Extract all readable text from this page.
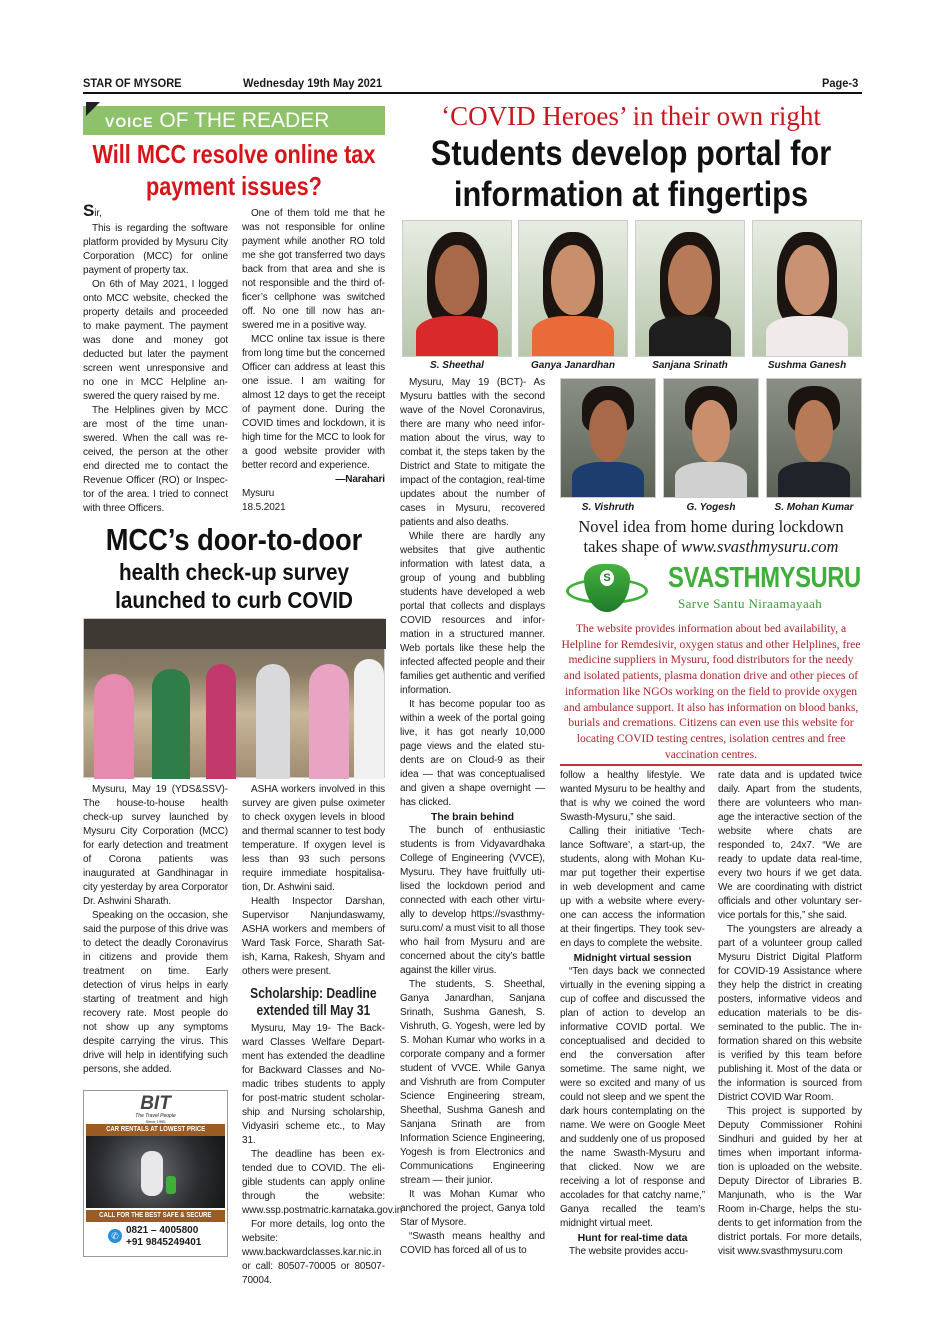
STAR OF MYSORE	Wednesday 19th May 2021	Page-3
VOICE OF THE READER
Will MCC resolve online tax payment issues?
Sir,

This is regarding the software platform provided by Mysuru City Corporation (MCC) for online payment of property tax.

On 6th of May 2021, I logged onto MCC website, checked the property details and proceeded to make payment. The payment was done and money got deducted but later the payment screen went unresponsive and no one in MCC Helpline answered the query raised by me.

The Helplines given by MCC are most of the time unanswered. When the call was received, the person at the other end directed me to contact the Revenue Officer (RO) or Inspector of the area. I tried to connect with three Officers.

One of them told me that he was not responsible for online payment while another RO told me she got transferred two days back from that area and she is not responsible and the third officer’s cellphone was switched off. No one till now has answered me in a positive way.

MCC online tax issue is there from long time but the concerned Officer can address at least this one issue. I am waiting for almost 12 days to get the receipt of payment done. During the COVID times and lockdown, it is high time for the MCC to look for a good website provider with better record and experience.

—Narahari
Mysuru
18.5.2021
MCC’s door-to-door
health check-up survey
launched to curb COVID

Mysuru, May 19 (YDS&SSV)- The house-to-house health check-up survey launched by Mysuru City Corporation (MCC) for early detection and treatment of Corona patients was inaugurated at Gandhinagar in city yesterday by area Corporator Dr. Ashwini Sharath.

Speaking on the occasion, she said the purpose of this drive was to detect the deadly Coronavirus in citizens and provide them treatment on time. Early detection of virus helps in early starting of treatment and high recovery rate. Most people do not show up any symptoms despite carrying the virus. This drive will help in identifying such persons, she added.

ASHA workers involved in this survey are given pulse oximeter to check oxygen levels in blood and thermal scanner to test body temperature. If oxygen level is less than 93 such persons require immediate hospitalisation, Dr. Ashwini said.

Health Inspector Darshan, Supervisor Nanjundaswamy, ASHA workers and members of Ward Task Force, Sharath Satish, Karna, Rakesh, Shyam and others were present.

Scholarship: Deadline extended till May 31

Mysuru, May 19- The Backward Classes Welfare Department has extended the deadline for Backward Classes and Nomadic tribes students to apply for post-matric student scholarship and Nursing scholarship, Vidyasiri scheme etc., to May 31.

The deadline has been extended due to COVID. The eligible students can apply online through the website: www.ssp.postmatric.karnataka.gov.in

For more details, log onto the website: www.backwardclasses.kar.nic.in or call: 80507-70005 or 80507-70004.

BIT
The Travel People
Since 1995
CAR RENTALS AT LOWEST PRICE
CALL FOR THE BEST SAFE & SECURE
✆ 0821 – 4005800
+91 9845249401
‘COVID Heroes’ in their own right
Students develop portal for
information at fingertips
S. Sheethal	Ganya Janardhan	Sanjana Srinath	Sushma Ganesh
S. Vishruth	G. Yogesh	S. Mohan Kumar

Mysuru, May 19 (BCT)- As Mysuru battles with the second wave of the Novel Coronavirus, there are many who need information about the virus, way to combat it, the steps taken by the District and State to mitigate the impact of the contagion, real-time updates about the number of cases in Mysuru, recovered patients and also deaths.

While there are hardly any websites that give authentic information with latest data, a group of young and bubbling students have developed a web portal that collects and displays COVID resources and information in a structured manner. Web portals like these help the infected affected people and their families get authentic and verified information.

It has become popular too as within a week of the portal going live, it has got nearly 10,000 page views and the elated students are on Cloud-9 as their idea — that was conceptualised and given a shape overnight — has clicked.

The brain behind

The bunch of enthusiastic students is from Vidyavardhaka College of Engineering (VVCE), Mysuru. They have fruitfully utilised the lockdown period and connected with each other virtually to develop https://svasthmysuru.com/ a must visit to all those who hail from Mysuru and are concerned about the city’s battle against the killer virus.

The students, S. Sheethal, Ganya Janardhan, Sanjana Srinath, Sushma Ganesh, S. Vishruth, G. Yogesh, were led by S. Mohan Kumar who works in a corporate company and a former student of VVCE. While Ganya and Vishruth are from Computer Science Engineering stream, Sheethal, Sushma Ganesh and Sanjana Srinath are from Information Science Engineering, Yogesh is from Electronics and Communications Engineering stream — their junior.

It was Mohan Kumar who anchored the project, Ganya told Star of Mysore.

“Swasth means healthy and COVID has forced all of us to

Novel idea from home during lockdown
takes shape of www.svasthmysuru.com
S SVASTHMYSURU
Sarve Santu Niraamayaah
The website provides information about bed availability, a Helpline for Remdesivir, oxygen status and other Helplines, free medicine suppliers in Mysuru, food distributors for the needy and isolated patients, plasma donation drive and other pieces of information like NGOs working on the field to provide oxygen and ambulance support. It also has information on blood banks, burials and cremations. Citizens can even use this website for locating COVID testing centres, isolation centres and free vaccination centres.

follow a healthy lifestyle. We wanted Mysuru to be healthy and that is why we coined the word Swasth-Mysuru,” she said.

Calling their initiative ‘Techlance Software’, a start-up, the students, along with Mohan Kumar put together their expertise in web development and came up with a website where everyone can access the information at their fingertips. They took seven days to complete the website.

Midnight virtual session

“Ten days back we connected virtually in the evening sipping a cup of coffee and discussed the plan of action to develop an informative COVID portal. We conceptualised and decided to end the conversation after sometime. The same night, we were so excited and many of us could not sleep and we spent the dark hours contemplating on the name. We were on Google Meet and suddenly one of us proposed the name Swasth-Mysuru and that clicked. Now we are receiving a lot of response and accolades for that catchy name,” Ganya recalled the team’s midnight virtual meet.

Hunt for real-time data

The website provides accu-

rate data and is updated twice daily. Apart from the students, there are volunteers who manage the interactive section of the website where chats are responded to, 24x7. “We are ready to update data real-time, every two hours if we get data. We are coordinating with district officials and other voluntary service portals for this,” she said.

The youngsters are already a part of a volunteer group called Mysuru District Digital Platform for COVID-19 Assistance where they help the district in creating posters, informative videos and education materials to be disseminated to the public. The information shared on this website is verified by this team before publishing it. Most of the data or the information is sourced from District COVID War Room.

This project is supported by Deputy Commissioner Rohini Sindhuri and guided by her at times when important information is uploaded on the website. Deputy Director of Libraries B. Manjunath, who is the War Room in-Charge, helps the students to get information from the district portals. For more details, visit www.svasthmysuru.com
